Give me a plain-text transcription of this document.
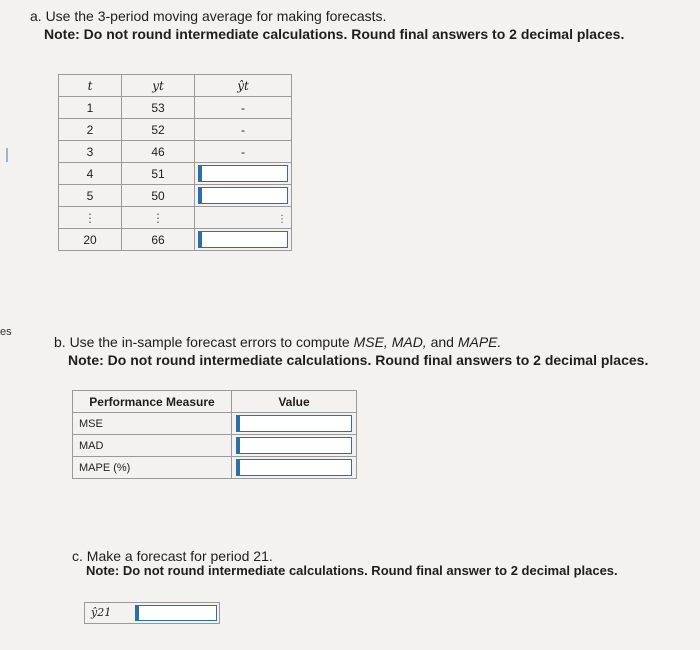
es
a. Use the 3-period moving average for making forecasts.
Note: Do not round intermediate calculations. Round final answers to 2 decimal places.
t	yt	ŷt
1	53	-
2	52	-
3	46	-
4	51	

5	50	

⋮	⋮	⋮
20	66	
b. Use the in-sample forecast errors to compute MSE, MAD, and MAPE.
Note: Do not round intermediate calculations. Round final answers to 2 decimal places.
Performance Measure	Value
MSE	

MAD	

MAPE (%)	
c. Make a forecast for period 21.
Note: Do not round intermediate calculations. Round final answer to 2 decimal places.
ŷ21
